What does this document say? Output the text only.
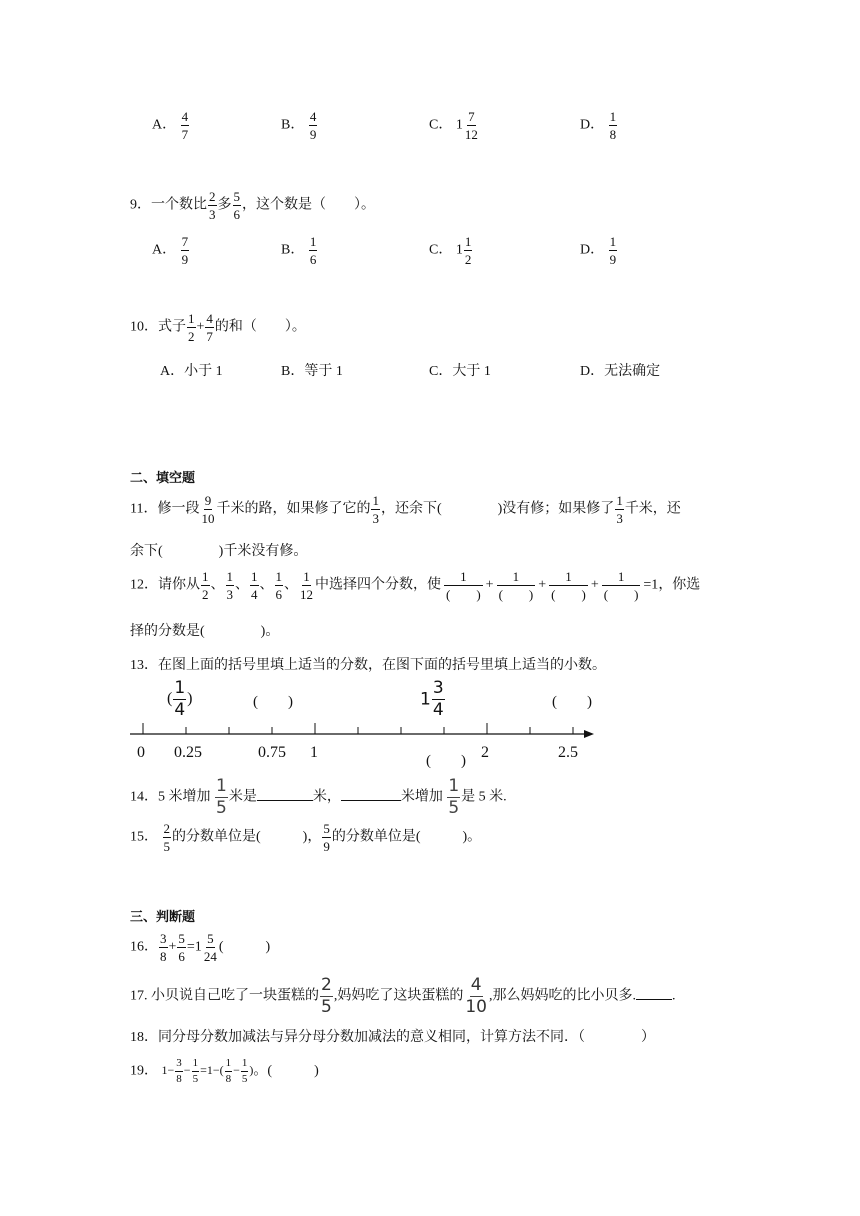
A． $\frac{4}{7}$	B． $\frac{4}{9}$	C． $1 \frac{7}{12}$	D． $\frac{1}{8}$
9．一个数比 $\frac{2}{3}$ 多 $\frac{5}{6}$ ，这个数是（　　）。
A． $\frac{7}{9}$	B． $\frac{1}{6}$	C． $1 \frac{1}{2}$	D． $\frac{1}{9}$
10．式子 $\frac{1}{2} + \frac{4}{7}$ 的和（　　）。
A．小于 1	B．等于 1	C．大于 1	D．无法确定
二、填空题
11．修一段 $\frac{9}{10}$ 千米的路，如果修了它的 $\frac{1}{3}$ ，还余下(　　　　)没有修；如果修了 $\frac{1}{3}$ 千米，还
余下(　　　　)千米没有修。
12．请你从 $\frac{1}{2}$ 、 $\frac{1}{3}$ 、 $\frac{1}{4}$ 、 $\frac{1}{6}$ 、 $\frac{1}{12}$ 中选择四个分数，使 $\frac{1}{( )} + \frac{1}{( )} + \frac{1}{( )} + \frac{1}{( )} =1$，你选
择的分数是(　　　　)。
13．在图上面的括号里填上适当的分数，在图下面的括号里填上适当的小数。
( $\frac{1}{4}$ )	(　　)	$1 \frac{3}{4}$	(　　)
0 0.25	0.75 1	(　　) 2	2.5
14．5 米增加 $\frac{1}{5}$ 米是	米，	米增加 $\frac{1}{5}$ 是 5 米.
15． $\frac{2}{5}$ 的分数单位是(　　　)， $\frac{5}{9}$ 的分数单位是(　　　)。
三、判断题
16． $\frac{3}{8} + \frac{5}{6} =1 \frac{5}{24}$ (　　　)
17. 小贝说自己吃了一块蛋糕的 $\frac{2}{5}$ ,妈妈吃了这块蛋糕的 $\frac{4}{10}$ ,那么妈妈吃的比小贝多.	.
18．同分母分数加减法与异分母分数加减法的意义相同，计算方法不同．（　　　　）
19． $1- \frac{3}{8} - \frac{1}{5} =1-( \frac{1}{8} - \frac{1}{5}$ )。(　　　)
